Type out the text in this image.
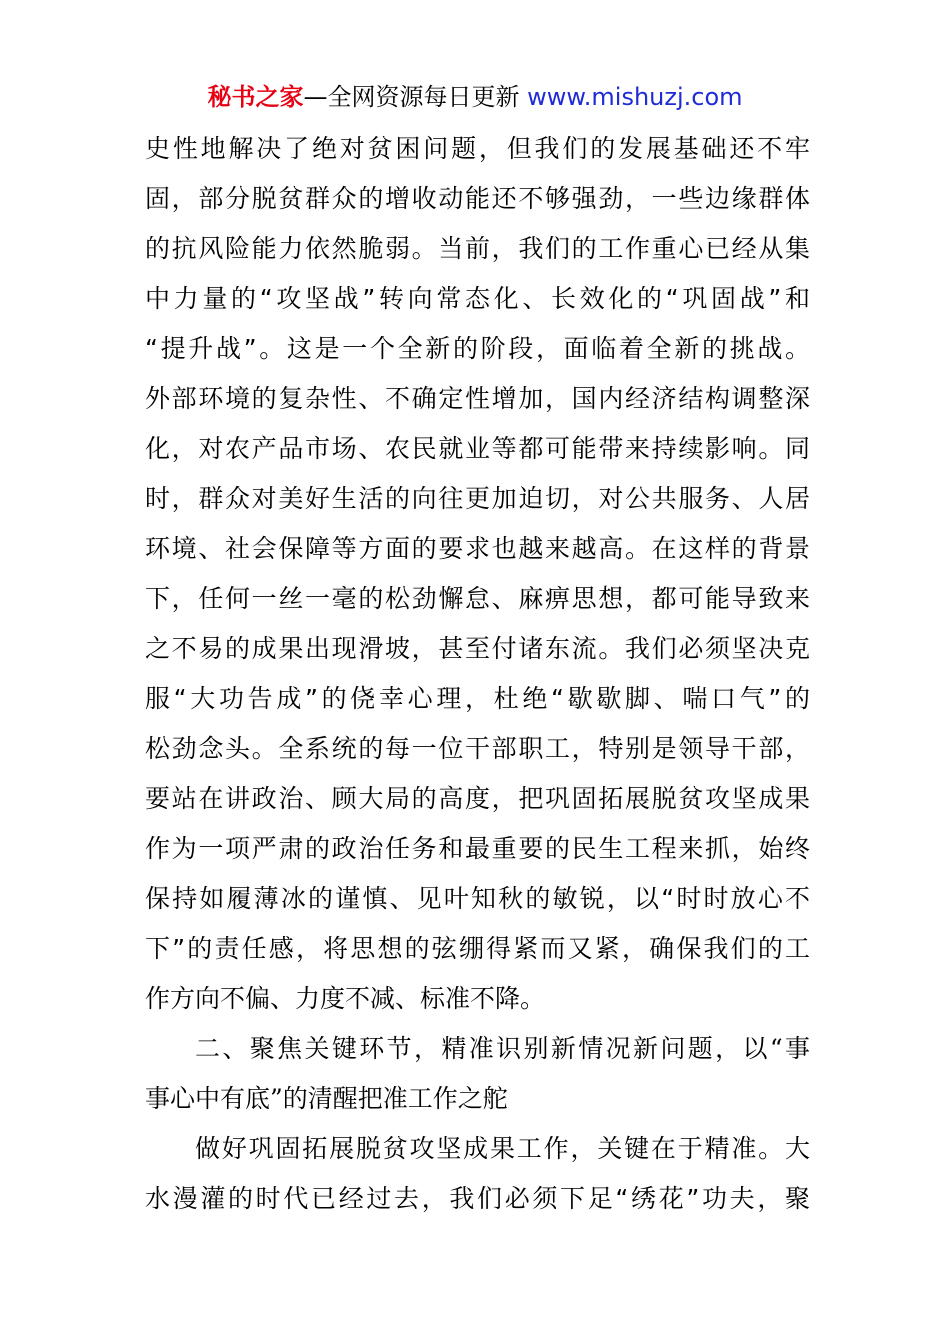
秘书之家—全网资源每日更新 www.mishuzj.com
史性地解决了绝对贫困问题，但我们的发展基础还不牢
固，部分脱贫群众的增收动能还不够强劲，一些边缘群体
的抗风险能力依然脆弱。当前，我们的工作重心已经从集
中力量的“攻坚战”转向常态化、长效化的“巩固战”和
“提升战”。这是一个全新的阶段，面临着全新的挑战。
外部环境的复杂性、不确定性增加，国内经济结构调整深
化，对农产品市场、农民就业等都可能带来持续影响。同
时，群众对美好生活的向往更加迫切，对公共服务、人居
环境、社会保障等方面的要求也越来越高。在这样的背景
下，任何一丝一毫的松劲懈怠、麻痹思想，都可能导致来
之不易的成果出现滑坡，甚至付诸东流。我们必须坚决克
服“大功告成”的侥幸心理，杜绝“歇歇脚、喘口气”的
松劲念头。全系统的每一位干部职工，特别是领导干部，
要站在讲政治、顾大局的高度，把巩固拓展脱贫攻坚成果
作为一项严肃的政治任务和最重要的民生工程来抓，始终
保持如履薄冰的谨慎、见叶知秋的敏锐，以“时时放心不
下”的责任感，将思想的弦绷得紧而又紧，确保我们的工
作方向不偏、力度不减、标准不降。
二、聚焦关键环节，精准识别新情况新问题，以“事
事心中有底”的清醒把准工作之舵
做好巩固拓展脱贫攻坚成果工作，关键在于精准。大
水漫灌的时代已经过去，我们必须下足“绣花”功夫，聚
